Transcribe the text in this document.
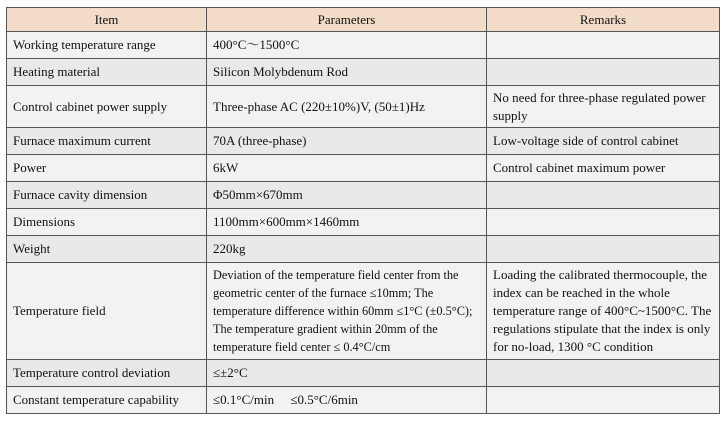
Item	Parameters	Remarks
Working temperature range	400°C～1500°C	
Heating material	Silicon Molybdenum Rod	
Control cabinet power supply	Three-phase AC (220±10%)V, (50±1)Hz	No need for three-phase regulated power supply
Furnace maximum current	70A (three-phase)	Low-voltage side of control cabinet
Power	6kW	Control cabinet maximum power
Furnace cavity dimension	Φ50mm×670mm	
Dimensions	1100mm×600mm×1460mm	
Weight	220kg	
Temperature field	Deviation of the temperature field center from the geometric center of the furnace ≤10mm; The temperature difference within 60mm ≤1°C (±0.5°C); The temperature gradient within 20mm of the temperature field center ≤ 0.4°C/cm	Loading the calibrated thermocouple, the index can be reached in the whole temperature range of 400°C~1500°C. The regulations stipulate that the index is only for no-load, 1300 °C condition
Temperature control deviation	≤±2°C	
Constant temperature capability	≤0.1°C/min　 ≤0.5°C/6min	
